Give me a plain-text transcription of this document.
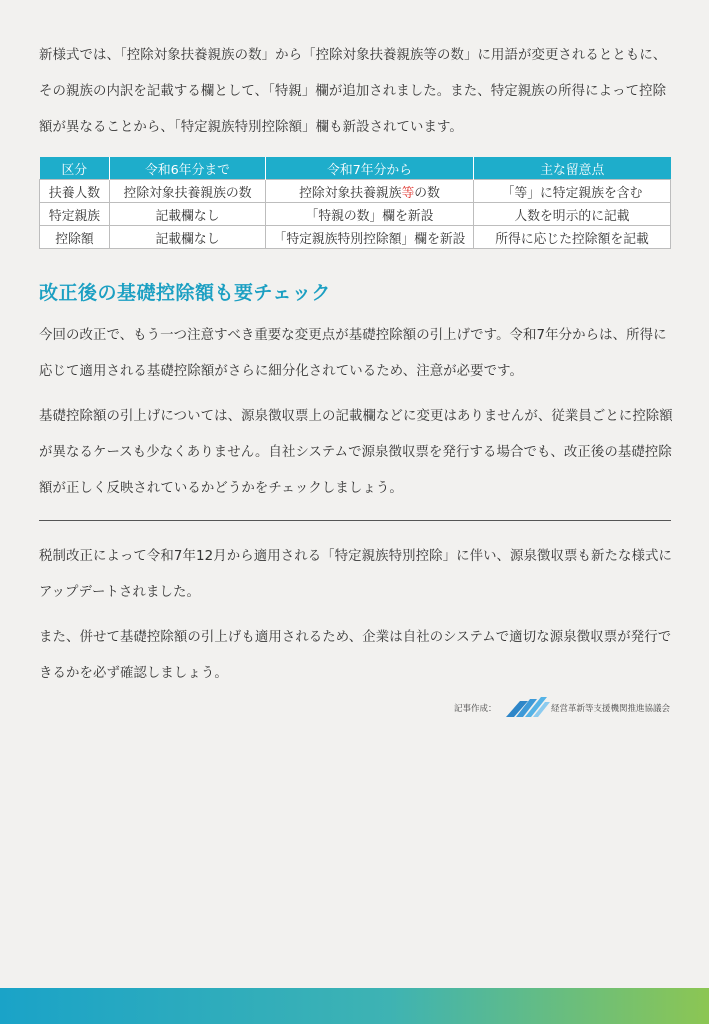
新様式では、「控除対象扶養親族の数」から「控除対象扶養親族等の数」に用語が変更されるとともに、その親族の内訳を記載する欄として、「特親」欄が追加されました。また、特定親族の所得によって控除額が異なることから、「特定親族特別控除額」欄も新設されています。

区分	令和6年分まで	令和7年分から	主な留意点
扶養人数	控除対象扶養親族の数	控除対象扶養親族等の数	「等」に特定親族を含む
特定親族	記載欄なし	「特親の数」欄を新設	人数を明示的に記載
控除額	記載欄なし	「特定親族特別控除額」欄を新設	所得に応じた控除額を記載
改正後の基礎控除額も要チェック

今回の改正で、もう一つ注意すべき重要な変更点が基礎控除額の引上げです。令和7年分からは、所得に応じて適用される基礎控除額がさらに細分化されているため、注意が必要です。

基礎控除額の引上げについては、源泉徴収票上の記載欄などに変更はありませんが、従業員ごとに控除額が異なるケースも少なくありません。自社システムで源泉徴収票を発行する場合でも、改正後の基礎控除額が正しく反映されているかどうかをチェックしましょう。

税制改正によって令和7年12月から適用される「特定親族特別控除」に伴い、源泉徴収票も新たな様式にアップデートされました。

また、併せて基礎控除額の引上げも適用されるため、企業は自社のシステムで適切な源泉徴収票が発行できるかを必ず確認しましょう。

記事作成：	経営革新等支援機関推進協議会
